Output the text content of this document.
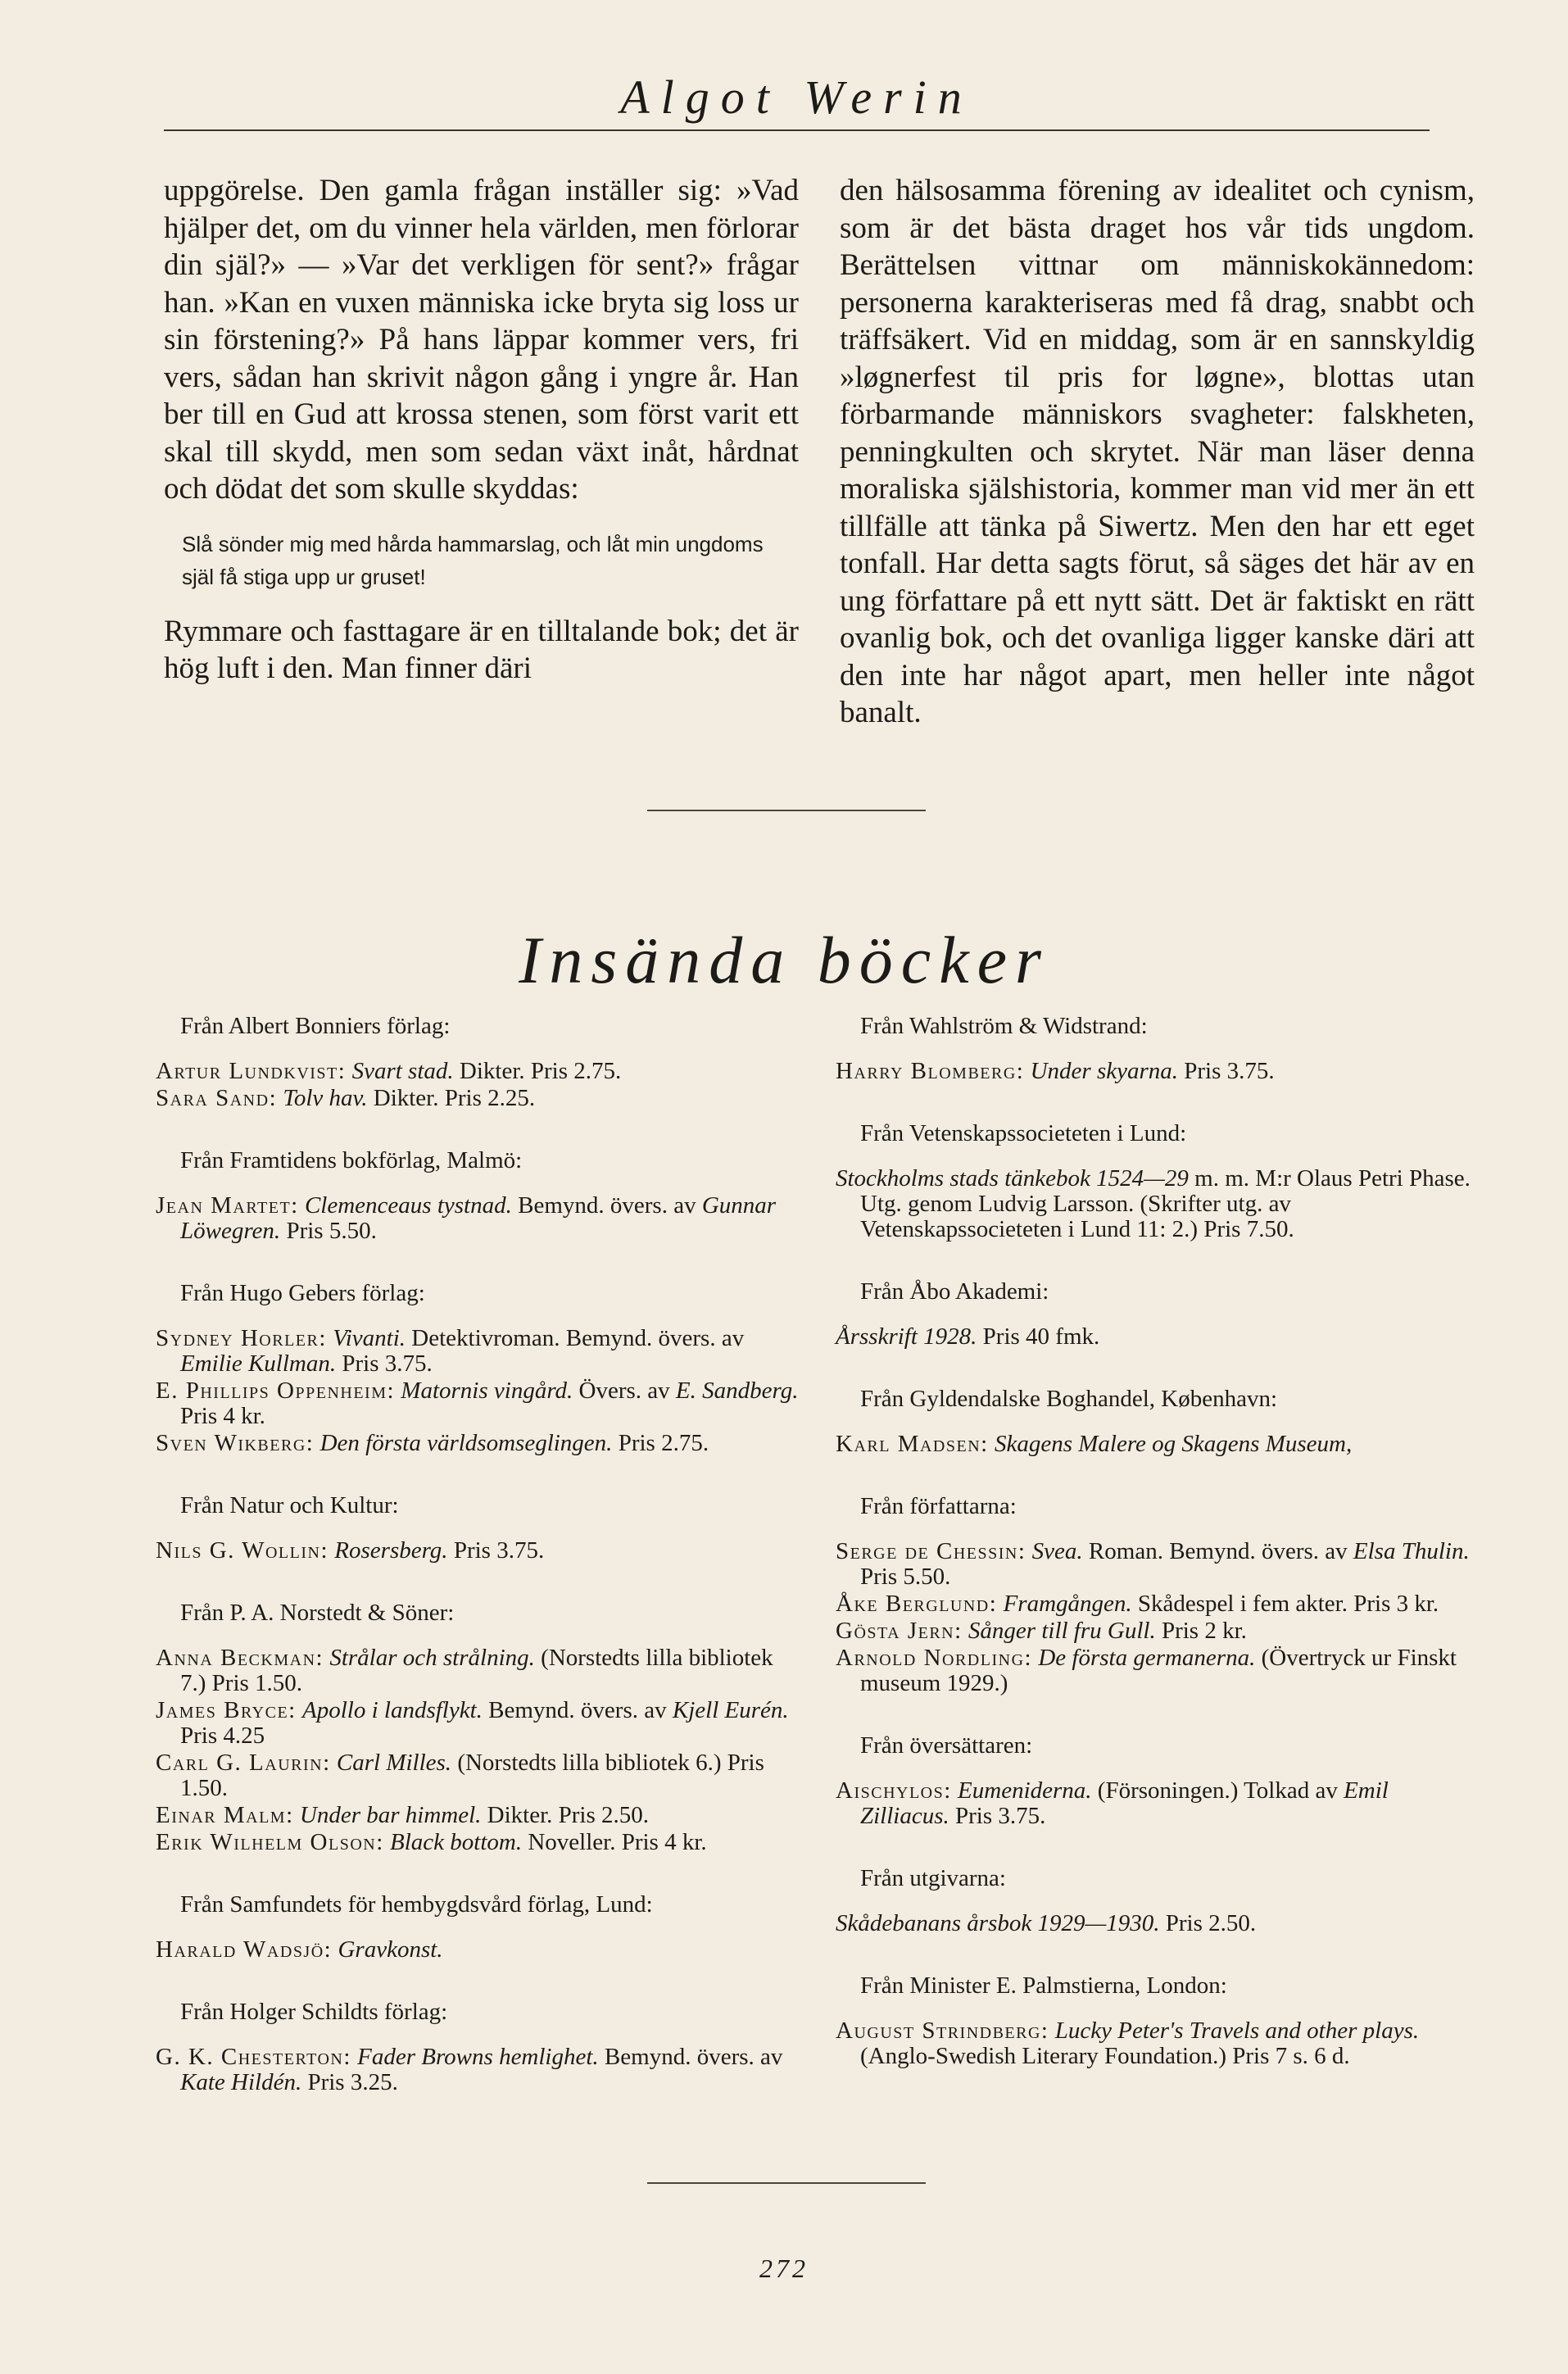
Algot Werin

uppgörelse. Den gamla frågan inställer sig: »Vad hjälper det, om du vinner hela världen, men förlorar din själ?» — »Var det verkligen för sent?» frågar han. »Kan en vuxen människa icke bryta sig loss ur sin förstening?» På hans läppar kommer vers, fri vers, sådan han skrivit någon gång i yngre år. Han ber till en Gud att krossa stenen, som först varit ett skal till skydd, men som sedan växt inåt, hårdnat och dödat det som skulle skyddas:

Slå sönder mig med hårda hammarslag, och låt min ungdoms själ få stiga upp ur gruset!

Rymmare och fasttagare är en tilltalande bok; det är hög luft i den. Man finner däri

den hälsosamma förening av idealitet och cynism, som är det bästa draget hos vår tids ungdom. Berättelsen vittnar om människokännedom: personerna karakteriseras med få drag, snabbt och träffsäkert. Vid en middag, som är en sannskyldig »løgnerfest til pris for løgne», blottas utan förbarmande människors svagheter: falskheten, penningkulten och skrytet. När man läser denna moraliska själshistoria, kommer man vid mer än ett tillfälle att tänka på Siwertz. Men den har ett eget tonfall. Har detta sagts förut, så säges det här av en ung författare på ett nytt sätt. Det är faktiskt en rätt ovanlig bok, och det ovanliga ligger kanske däri att den inte har något apart, men heller inte något banalt.

Insända böcker
Från Albert Bonniers förlag:

Artur Lundkvist: Svart stad. Dikter. Pris 2.75.

Sara Sand: Tolv hav. Dikter. Pris 2.25.

Från Framtidens bokförlag, Malmö:

Jean Martet: Clemenceaus tystnad. Bemynd. övers. av Gunnar Löwegren. Pris 5.50.

Från Hugo Gebers förlag:

Sydney Horler: Vivanti. Detektivroman. Bemynd. övers. av Emilie Kullman. Pris 3.75.

E. Phillips Oppenheim: Matornis vingård. Övers. av E. Sandberg. Pris 4 kr.

Sven Wikberg: Den första världsomseglingen. Pris 2.75.

Från Natur och Kultur:

Nils G. Wollin: Rosersberg. Pris 3.75.

Från P. A. Norstedt & Söner:

Anna Beckman: Strålar och strålning. (Norstedts lilla bibliotek 7.) Pris 1.50.

James Bryce: Apollo i landsflykt. Bemynd. övers. av Kjell Eurén. Pris 4.25

Carl G. Laurin: Carl Milles. (Norstedts lilla bibliotek 6.) Pris 1.50.

Einar Malm: Under bar himmel. Dikter. Pris 2.50.

Erik Wilhelm Olson: Black bottom. Noveller. Pris 4 kr.

Från Samfundets för hembygdsvård förlag, Lund:

Harald Wadsjö: Gravkonst.

Från Holger Schildts förlag:

G. K. Chesterton: Fader Browns hemlighet. Bemynd. övers. av Kate Hildén. Pris 3.25.

Från Wahlström & Widstrand:

Harry Blomberg: Under skyarna. Pris 3.75.

Från Vetenskapssocieteten i Lund:

Stockholms stads tänkebok 1524—29 m. m. M:r Olaus Petri Phase. Utg. genom Ludvig Larsson. (Skrifter utg. av Vetenskapssocieteten i Lund 11: 2.) Pris 7.50.

Från Åbo Akademi:

Årsskrift 1928. Pris 40 fmk.

Från Gyldendalske Boghandel, København:

Karl Madsen: Skagens Malere og Skagens Museum,

Från författarna:

Serge de Chessin: Svea. Roman. Bemynd. övers. av Elsa Thulin. Pris 5.50.

Åke Berglund: Framgången. Skådespel i fem akter. Pris 3 kr.

Gösta Jern: Sånger till fru Gull. Pris 2 kr.

Arnold Nordling: De första germanerna. (Övertryck ur Finskt museum 1929.)

Från översättaren:

Aischylos: Eumeniderna. (Försoningen.) Tolkad av Emil Zilliacus. Pris 3.75.

Från utgivarna:

Skådebanans årsbok 1929—1930. Pris 2.50.

Från Minister E. Palmstierna, London:

August Strindberg: Lucky Peter's Travels and other plays. (Anglo-Swedish Literary Foundation.) Pris 7 s. 6 d.

272
